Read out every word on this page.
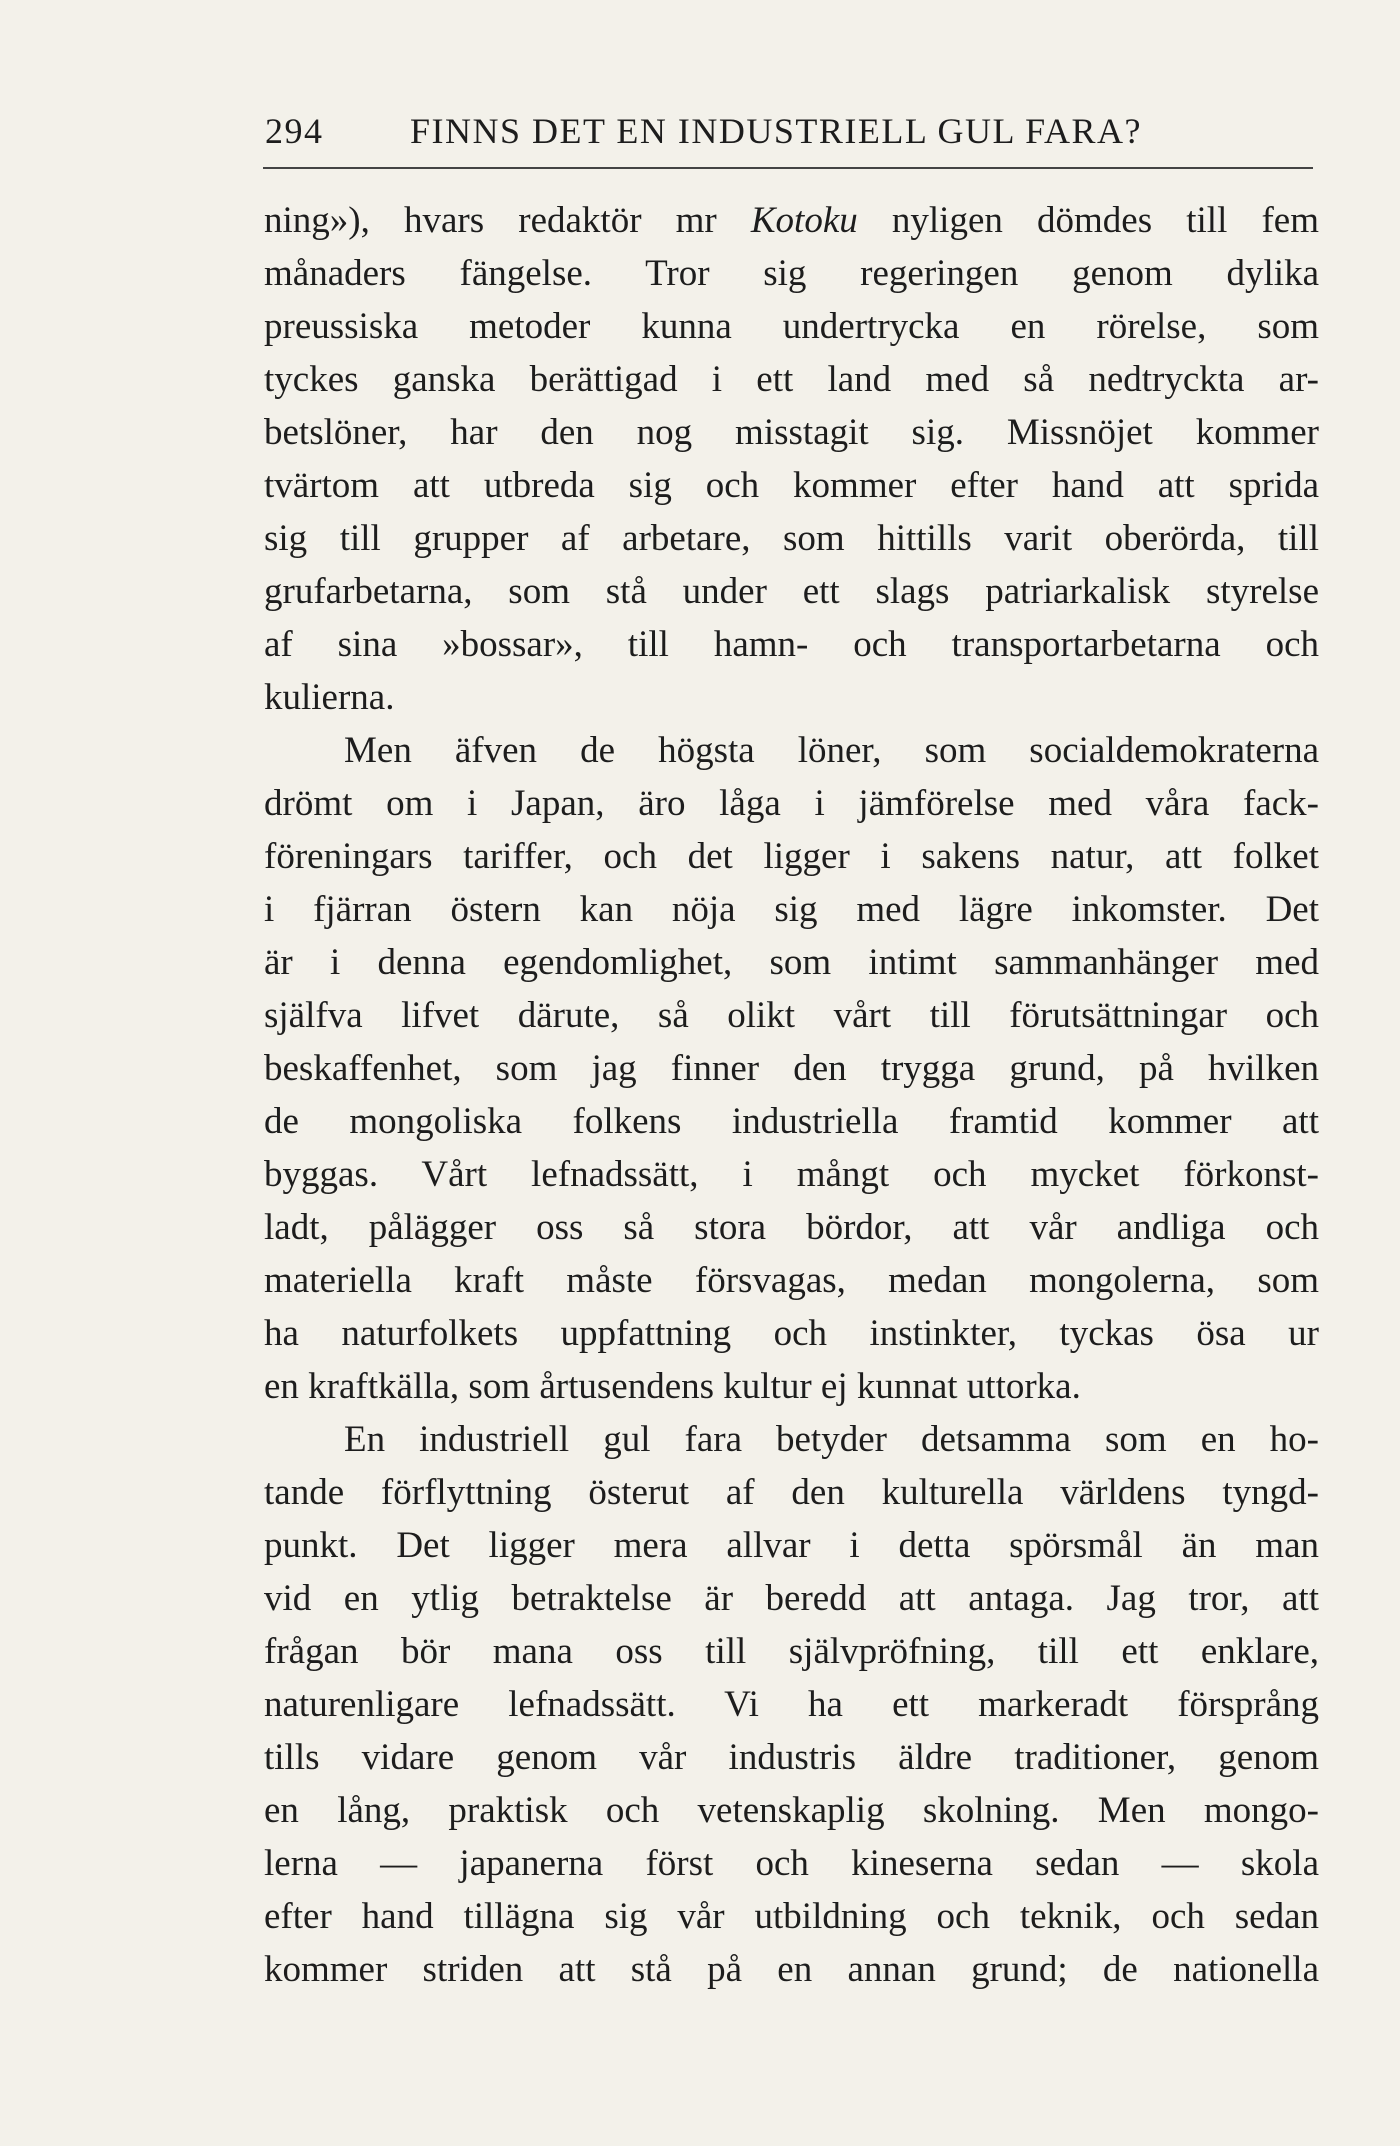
294 FINNS DET EN INDUSTRIELL GUL FARA?
ning»), hvars redaktör mr Kotoku nyligen dömdes till fem
månaders fängelse. Tror sig regeringen genom dylika
preussiska metoder kunna undertrycka en rörelse, som
tyckes ganska berättigad i ett land med så nedtryckta ar-
betslöner, har den nog misstagit sig. Missnöjet kommer
tvärtom att utbreda sig och kommer efter hand att sprida
sig till grupper af arbetare, som hittills varit oberörda, till
grufarbetarna, som stå under ett slags patriarkalisk styrelse
af sina »bossar», till hamn- och transportarbetarna och
kulierna.
Men äfven de högsta löner, som socialdemokraterna
drömt om i Japan, äro låga i jämförelse med våra fack-
föreningars tariffer, och det ligger i sakens natur, att folket
i fjärran östern kan nöja sig med lägre inkomster. Det
är i denna egendomlighet, som intimt sammanhänger med
själfva lifvet därute, så olikt vårt till förutsättningar och
beskaffenhet, som jag finner den trygga grund, på hvilken
de mongoliska folkens industriella framtid kommer att
byggas. Vårt lefnadssätt, i mångt och mycket förkonst-
ladt, pålägger oss så stora bördor, att vår andliga och
materiella kraft måste försvagas, medan mongolerna, som
ha naturfolkets uppfattning och instinkter, tyckas ösa ur
en kraftkälla, som årtusendens kultur ej kunnat uttorka.
En industriell gul fara betyder detsamma som en ho-
tande förflyttning österut af den kulturella världens tyngd-
punkt. Det ligger mera allvar i detta spörsmål än man
vid en ytlig betraktelse är beredd att antaga. Jag tror, att
frågan bör mana oss till självpröfning, till ett enklare,
naturenligare lefnadssätt. Vi ha ett markeradt försprång
tills vidare genom vår industris äldre traditioner, genom
en lång, praktisk och vetenskaplig skolning. Men mongo-
lerna — japanerna först och kineserna sedan — skola
efter hand tillägna sig vår utbildning och teknik, och sedan
kommer striden att stå på en annan grund; de nationella
